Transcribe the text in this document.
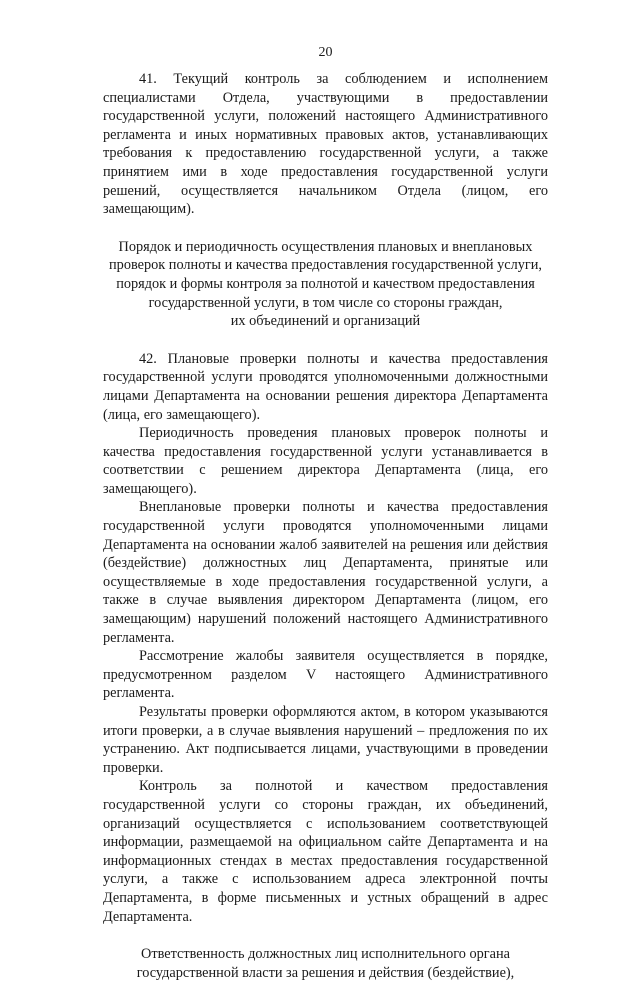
20

41. Текущий контроль за соблюдением и исполнением специалистами Отдела, участвующими в предоставлении государственной услуги, положений настоящего Административного регламента и иных нормативных правовых актов, устанавливающих требования к предоставлению государственной услуги, а также принятием ими в ходе предоставления государственной услуги решений, осуществляется начальником Отдела (лицом, его замещающим).

Порядок и периодичность осуществления плановых и внеплановых
проверок полноты и качества предоставления государственной услуги,
порядок и формы контроля за полнотой и качеством предоставления
государственной услуги, в том числе со стороны граждан,
их объединений и организаций

42. Плановые проверки полноты и качества предоставления государственной услуги проводятся уполномоченными должностными лицами Департамента на основании решения директора Департамента (лица, его замещающего).

Периодичность проведения плановых проверок полноты и качества предоставления государственной услуги устанавливается в соответствии с решением директора Департамента (лица, его замещающего).

Внеплановые проверки полноты и качества предоставления государственной услуги проводятся уполномоченными лицами Департамента на основании жалоб заявителей на решения или действия (бездействие) должностных лиц Департамента, принятые или осуществляемые в ходе предоставления государственной услуги, а также в случае выявления директором Департамента (лицом, его замещающим) нарушений положений настоящего Административного регламента.

Рассмотрение жалобы заявителя осуществляется в порядке, предусмотренном разделом V настоящего Административного регламента.

Результаты проверки оформляются актом, в котором указываются итоги проверки, а в случае выявления нарушений – предложения по их устранению. Акт подписывается лицами, участвующими в проведении проверки.

Контроль за полнотой и качеством предоставления государственной услуги со стороны граждан, их объединений, организаций осуществляется с использованием соответствующей информации, размещаемой на официальном сайте Департамента и на информационных стендах в местах предоставления государственной услуги, а также с использованием адреса электронной почты Департамента, в форме письменных и устных обращений в адрес Департамента.

Ответственность должностных лиц исполнительного органа
государственной власти за решения и действия (бездействие),
